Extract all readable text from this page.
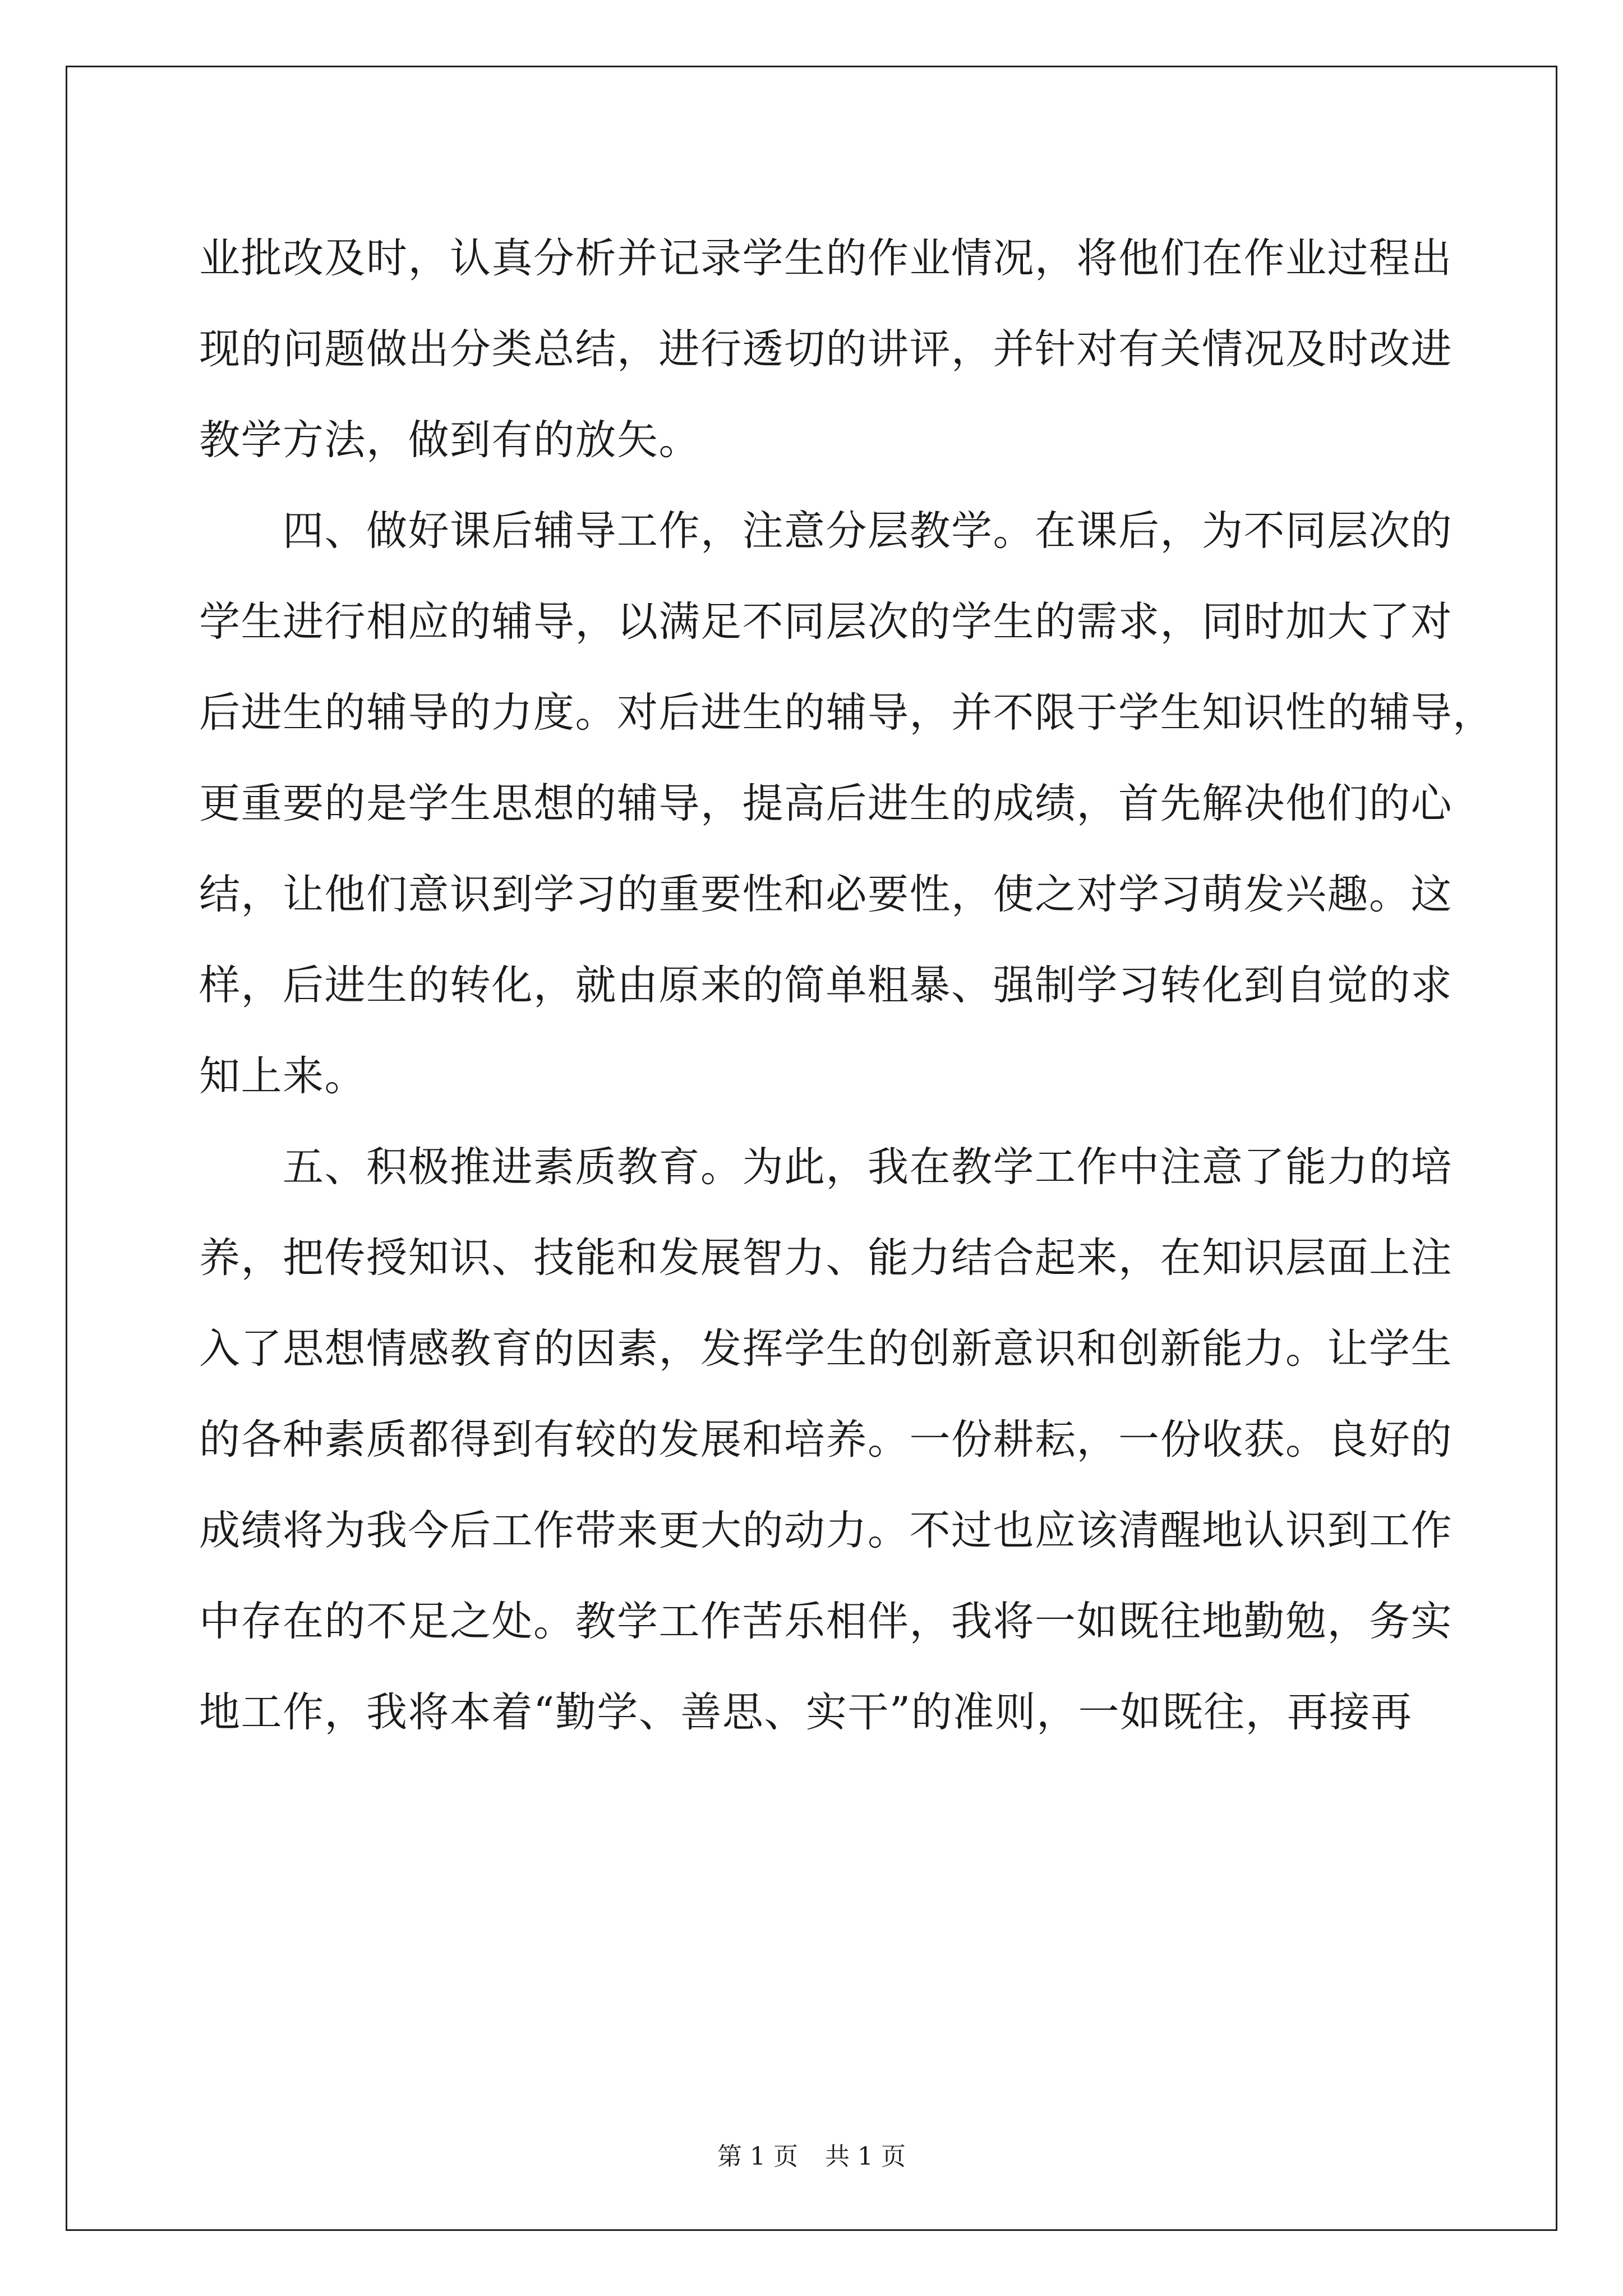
业批改及时，认真分析并记录学生的作业情况，将他们在作业过程出
现的问题做出分类总结，进行透切的讲评，并针对有关情况及时改进
教学方法，做到有的放矢。
　　四、做好课后辅导工作，注意分层教学。在课后，为不同层次的
学生进行相应的辅导，以满足不同层次的学生的需求，同时加大了对
后进生的辅导的力度。对后进生的辅导，并不限于学生知识性的辅导，
更重要的是学生思想的辅导，提高后进生的成绩，首先解决他们的心
结，让他们意识到学习的重要性和必要性，使之对学习萌发兴趣。这
样，后进生的转化，就由原来的简单粗暴、强制学习转化到自觉的求
知上来。
　　五、积极推进素质教育。为此，我在教学工作中注意了能力的培
养，把传授知识、技能和发展智力、能力结合起来，在知识层面上注
入了思想情感教育的因素，发挥学生的创新意识和创新能力。让学生
的各种素质都得到有较的发展和培养。一份耕耘，一份收获。良好的
成绩将为我今后工作带来更大的动力。不过也应该清醒地认识到工作
中存在的不足之处。教学工作苦乐相伴，我将一如既往地勤勉，务实
地工作，我将本着“勤学、善思、实干”的准则，一如既往，再接再
第 1 页 共 1 页
